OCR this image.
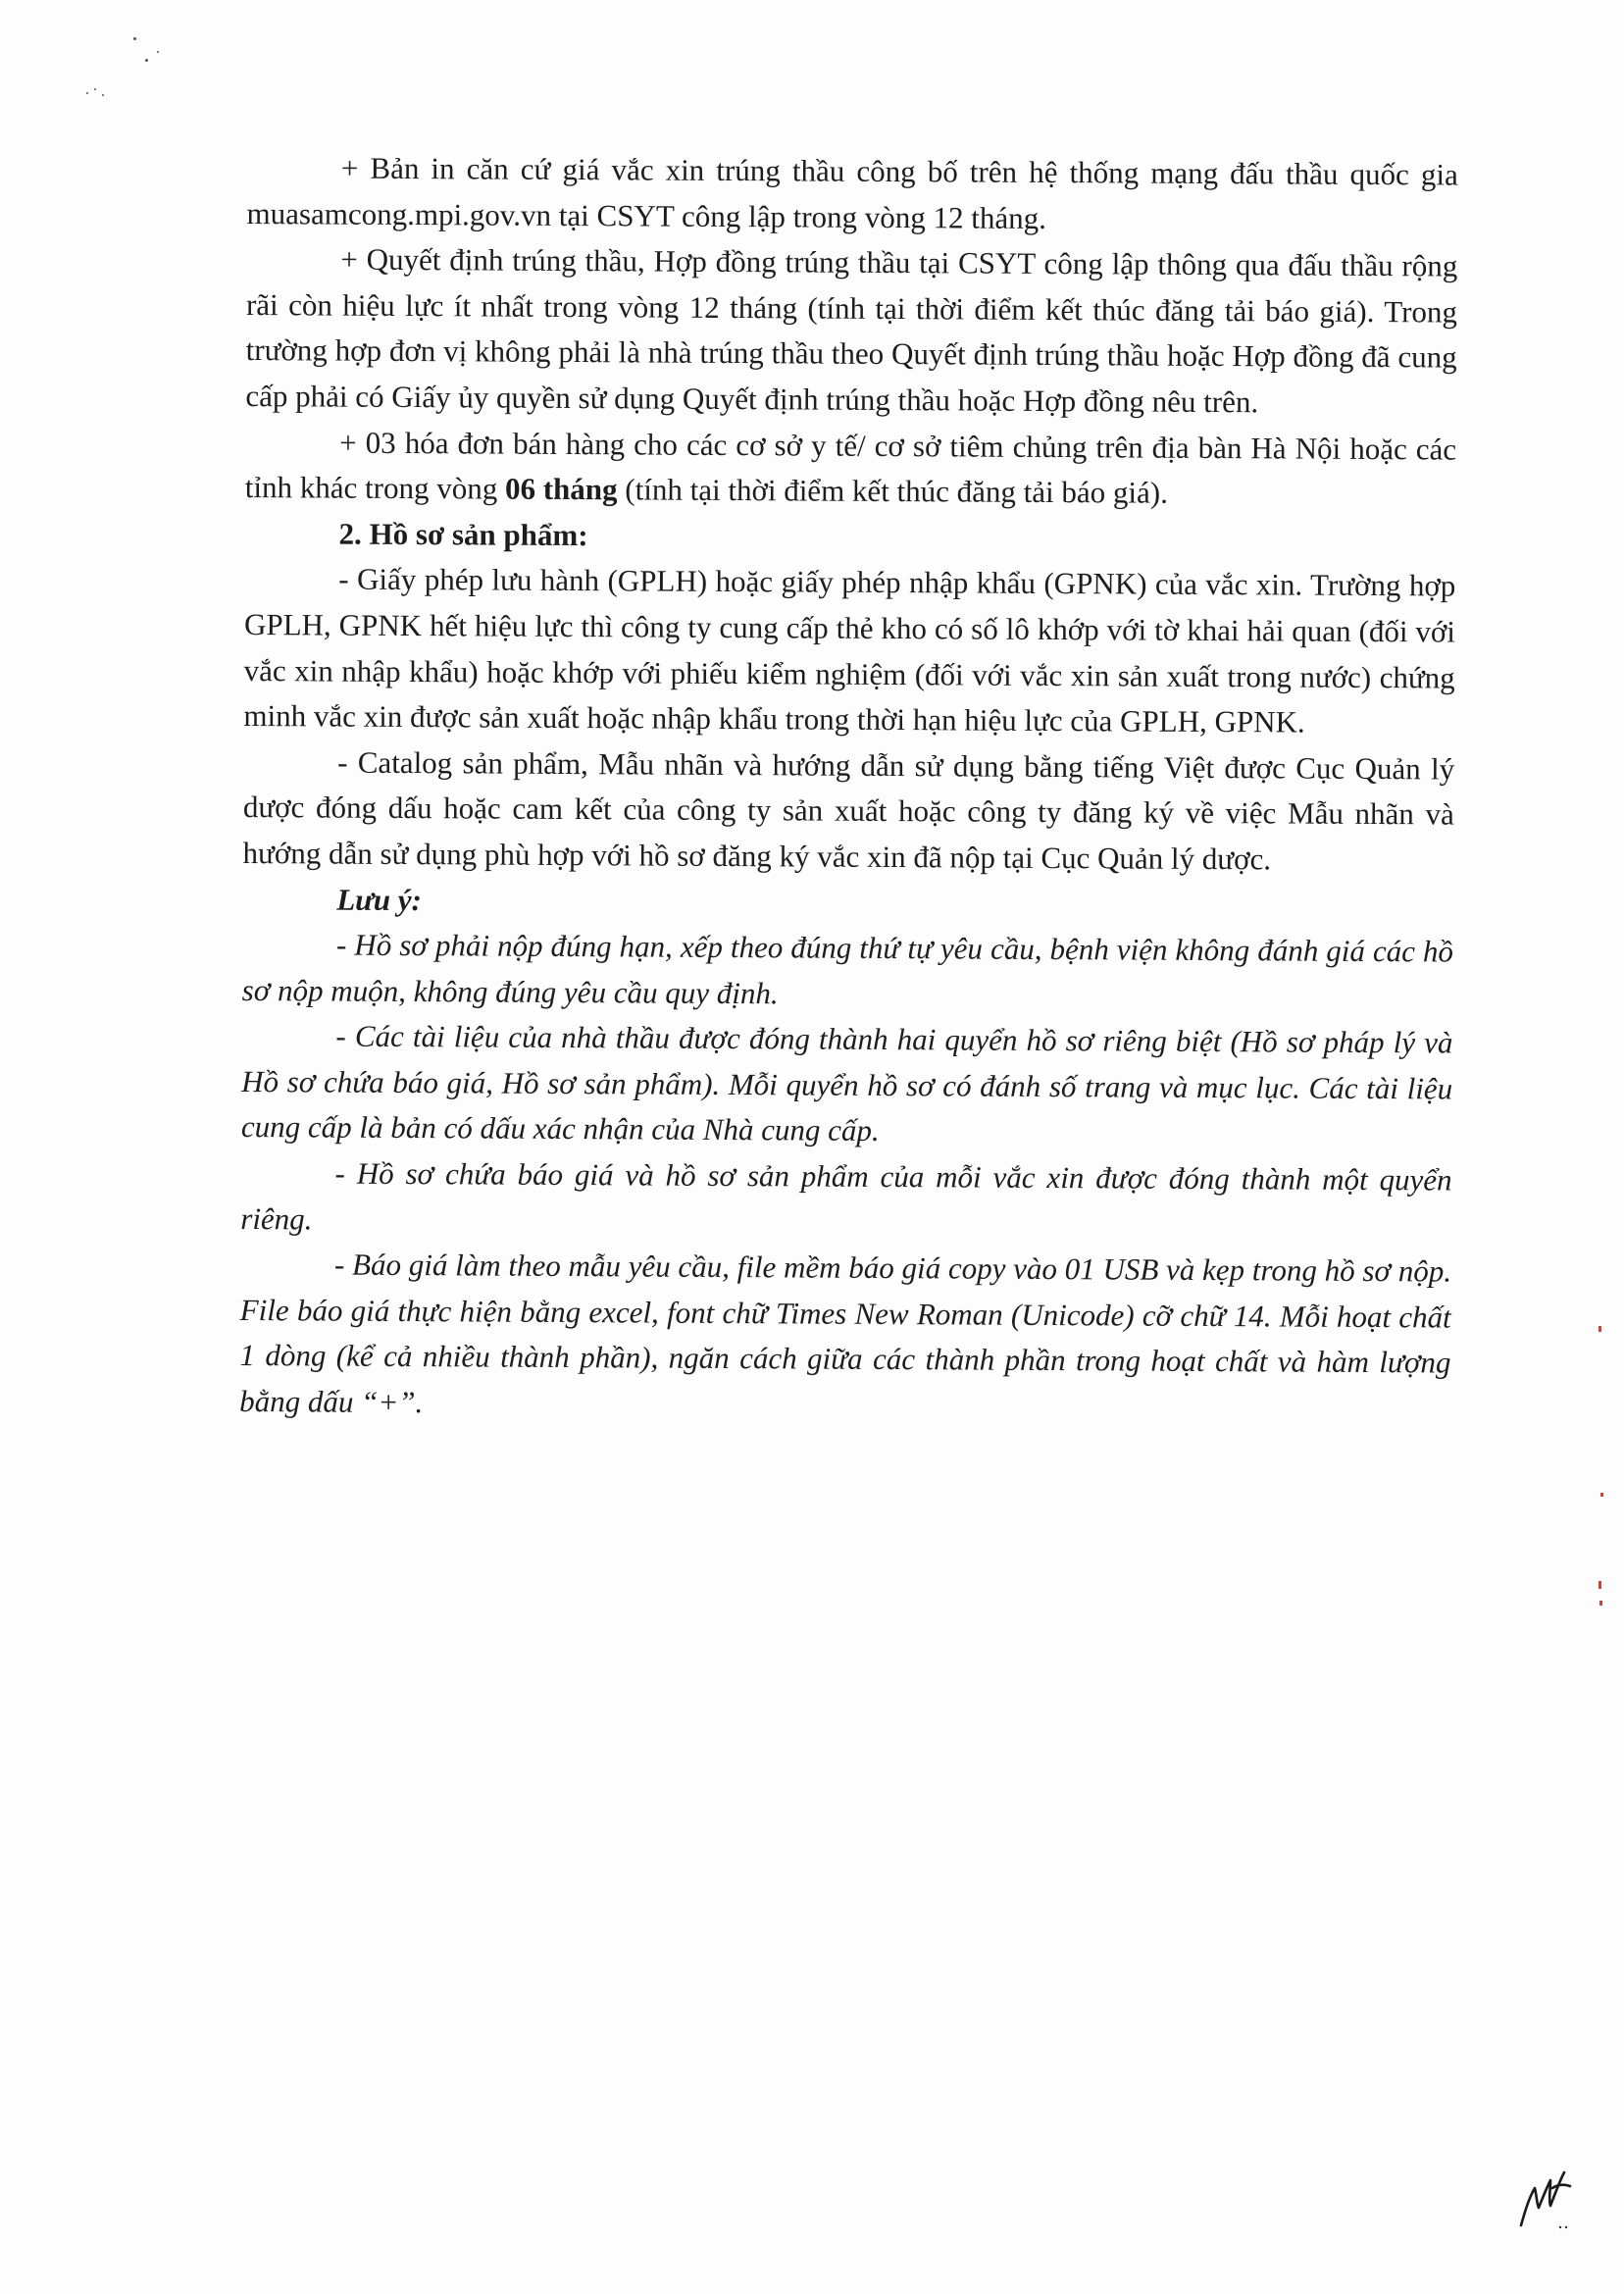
+ Bản in căn cứ giá vắc xin trúng thầu công bố trên hệ thống mạng đấu thầu quốc gia muasamcong.mpi.gov.vn tại CSYT công lập trong vòng 12 tháng.

+ Quyết định trúng thầu, Hợp đồng trúng thầu tại CSYT công lập thông qua đấu thầu rộng rãi còn hiệu lực ít nhất trong vòng 12 tháng (tính tại thời điểm kết thúc đăng tải báo giá). Trong trường hợp đơn vị không phải là nhà trúng thầu theo Quyết định trúng thầu hoặc Hợp đồng đã cung cấp phải có Giấy ủy quyền sử dụng Quyết định trúng thầu hoặc Hợp đồng nêu trên.

+ 03 hóa đơn bán hàng cho các cơ sở y tế/ cơ sở tiêm chủng trên địa bàn Hà Nội hoặc các tỉnh khác trong vòng 06 tháng (tính tại thời điểm kết thúc đăng tải báo giá).

2. Hồ sơ sản phẩm:

- Giấy phép lưu hành (GPLH) hoặc giấy phép nhập khẩu (GPNK) của vắc xin. Trường hợp GPLH, GPNK hết hiệu lực thì công ty cung cấp thẻ kho có số lô khớp với tờ khai hải quan (đối với vắc xin nhập khẩu) hoặc khớp với phiếu kiểm nghiệm (đối với vắc xin sản xuất trong nước) chứng minh vắc xin được sản xuất hoặc nhập khẩu trong thời hạn hiệu lực của GPLH, GPNK.

- Catalog sản phẩm, Mẫu nhãn và hướng dẫn sử dụng bằng tiếng Việt được Cục Quản lý dược đóng dấu hoặc cam kết của công ty sản xuất hoặc công ty đăng ký về việc Mẫu nhãn và hướng dẫn sử dụng phù hợp với hồ sơ đăng ký vắc xin đã nộp tại Cục Quản lý dược.

Lưu ý:

- Hồ sơ phải nộp đúng hạn, xếp theo đúng thứ tự yêu cầu, bệnh viện không đánh giá các hồ sơ nộp muộn, không đúng yêu cầu quy định.

- Các tài liệu của nhà thầu được đóng thành hai quyển hồ sơ riêng biệt (Hồ sơ pháp lý và Hồ sơ chứa báo giá, Hồ sơ sản phẩm). Mỗi quyển hồ sơ có đánh số trang và mục lục. Các tài liệu cung cấp là bản có dấu xác nhận của Nhà cung cấp.

- Hồ sơ chứa báo giá và hồ sơ sản phẩm của mỗi vắc xin được đóng thành một quyển riêng.

- Báo giá làm theo mẫu yêu cầu, file mềm báo giá copy vào 01 USB và kẹp trong hồ sơ nộp. File báo giá thực hiện bằng excel, font chữ Times New Roman (Unicode) cỡ chữ 14. Mỗi hoạt chất 1 dòng (kể cả nhiều thành phần), ngăn cách giữa các thành phần trong hoạt chất và hàm lượng bằng dấu “+”.
